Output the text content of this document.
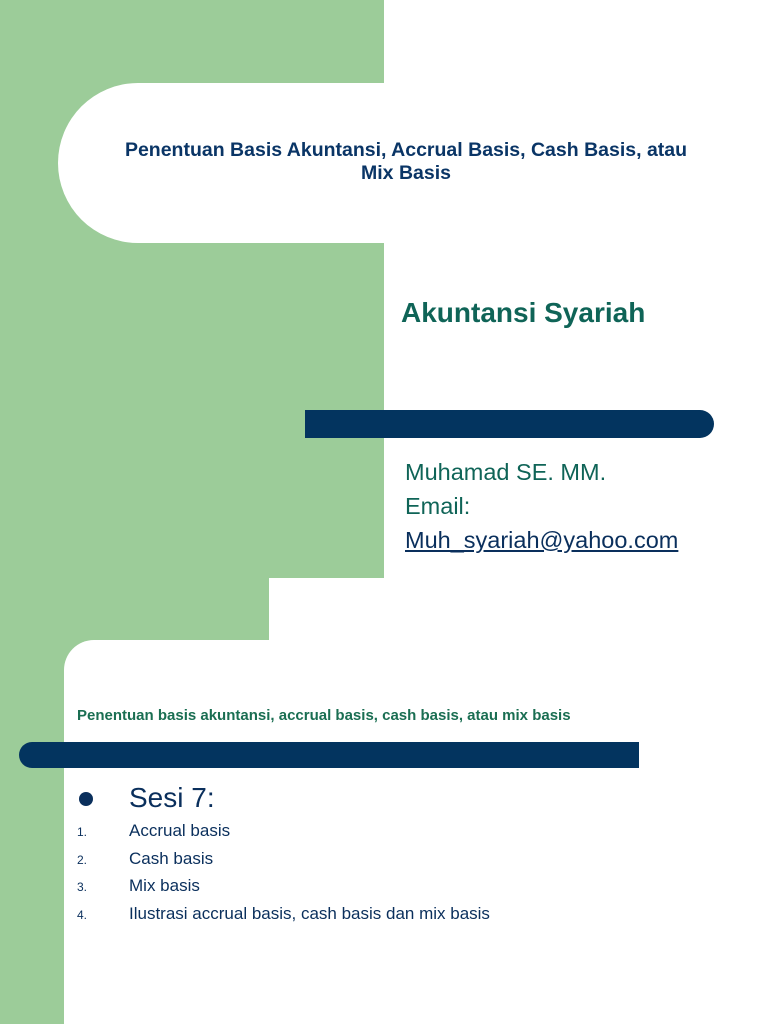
Penentuan Basis Akuntansi, Accrual Basis, Cash Basis, atau
Mix Basis
Akuntansi Syariah
Muhamad SE. MM.
Email:
Muh_syariah@yahoo.com
Penentuan basis akuntansi, accrual basis, cash basis, atau mix basis
Sesi 7:
1. Accrual basis
2. Cash basis
3. Mix basis
4. Ilustrasi accrual basis, cash basis dan mix basis
